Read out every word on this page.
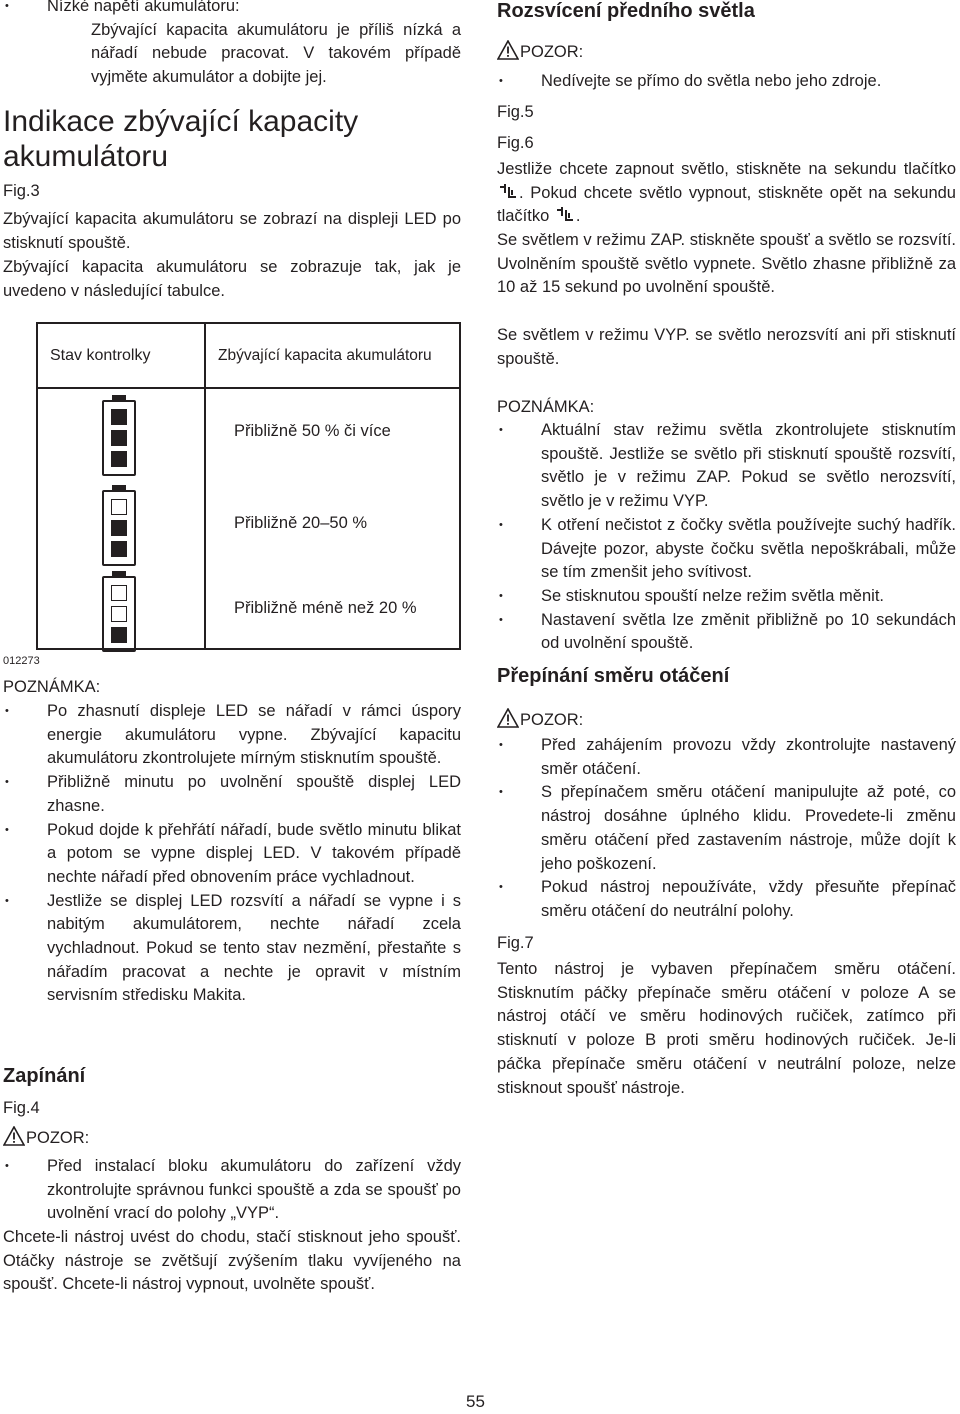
• Nízké napětí akumulátoru:

Zbývající kapacita akumulátoru je příliš nízká a nářadí nebude pracovat. V takovém případě vyjměte akumulátor a dobijte jej.

Indikace zbývající kapacity akumulátoru
Fig.3

Zbývající kapacita akumulátoru se zobrazí na displeji LED po stisknutí spouště.

Zbývající kapacita akumulátoru se zobrazuje tak, jak je uvedeno v následující tabulce.

Stav kontrolky	Zbývající kapacita akumulátoru
Přibližně 50 % či více
Přibližně 20–50 %
Přibližně méně než 20 %
012273
POZNÁMKA:
• Po zhasnutí displeje LED se nářadí v rámci úspory energie akumulátoru vypne. Zbývající kapacitu akumulátoru zkontrolujete mírným stisknutím spouště.
• Přibližně minutu po uvolnění spouště displej LED zhasne.
• Pokud dojde k přehřátí nářadí, bude světlo minutu blikat a potom se vypne displej LED. V takovém případě nechte nářadí před obnovením práce vychladnout.
• Jestliže se displej LED rozsvítí a nářadí se vypne i s nabitým akumulátorem, nechte nářadí zcela vychladnout. Pokud se tento stav nezmění, přestaňte s nářadím pracovat a nechte je opravit v místním servisním středisku Makita.
Zapínání
Fig.4
POZOR:
• Před instalací bloku akumulátoru do zařízení vždy zkontrolujte správnou funkci spouště a zda se spoušť po uvolnění vrací do polohy „VYP“.

Chcete-li nástroj uvést do chodu, stačí stisknout jeho spoušť. Otáčky nástroje se zvětšují zvýšením tlaku vyvíjeného na spoušť. Chcete-li nástroj vypnout, uvolněte spoušť.

Rozsvícení předního světla
POZOR:
• Nedívejte se přímo do světla nebo jeho zdroje.
Fig.5
Fig.6

Jestliže chcete zapnout světlo, stiskněte na sekundu tlačítko . Pokud chcete světlo vypnout, stiskněte opět na sekundu tlačítko .

Se světlem v režimu ZAP. stiskněte spoušť a světlo se rozsvítí. Uvolněním spouště světlo vypnete. Světlo zhasne přibližně za 10 až 15 sekund po uvolnění spouště.

Se světlem v režimu VYP. se světlo nerozsvítí ani při stisknutí spouště.

POZNÁMKA:
• Aktuální stav režimu světla zkontrolujete stisknutím spouště. Jestliže se světlo při stisknutí spouště rozsvítí, světlo je v režimu ZAP. Pokud se světlo nerozsvítí, světlo je v režimu VYP.
• K otření nečistot z čočky světla používejte suchý hadřík. Dávejte pozor, abyste čočku světla nepoškrábali, může se tím zmenšit jeho svítivost.
• Se stisknutou spouští nelze režim světla měnit.
• Nastavení světla lze změnit přibližně po 10 sekundách od uvolnění spouště.
Přepínání směru otáčení
POZOR:
• Před zahájením provozu vždy zkontrolujte nastavený směr otáčení.
• S přepínačem směru otáčení manipulujte až poté, co nástroj dosáhne úplného klidu. Provedete-li změnu směru otáčení před zastavením nástroje, může dojít k jeho poškození.
• Pokud nástroj nepoužíváte, vždy přesuňte přepínač směru otáčení do neutrální polohy.
Fig.7

Tento nástroj je vybaven přepínačem směru otáčení. Stisknutím páčky přepínače směru otáčení v poloze A se nástroj otáčí ve směru hodinových ručiček, zatímco při stisknutí v poloze B proti směru hodinových ručiček. Je-li páčka přepínače směru otáčení v neutrální poloze, nelze stisknout spoušť nástroje.

55
